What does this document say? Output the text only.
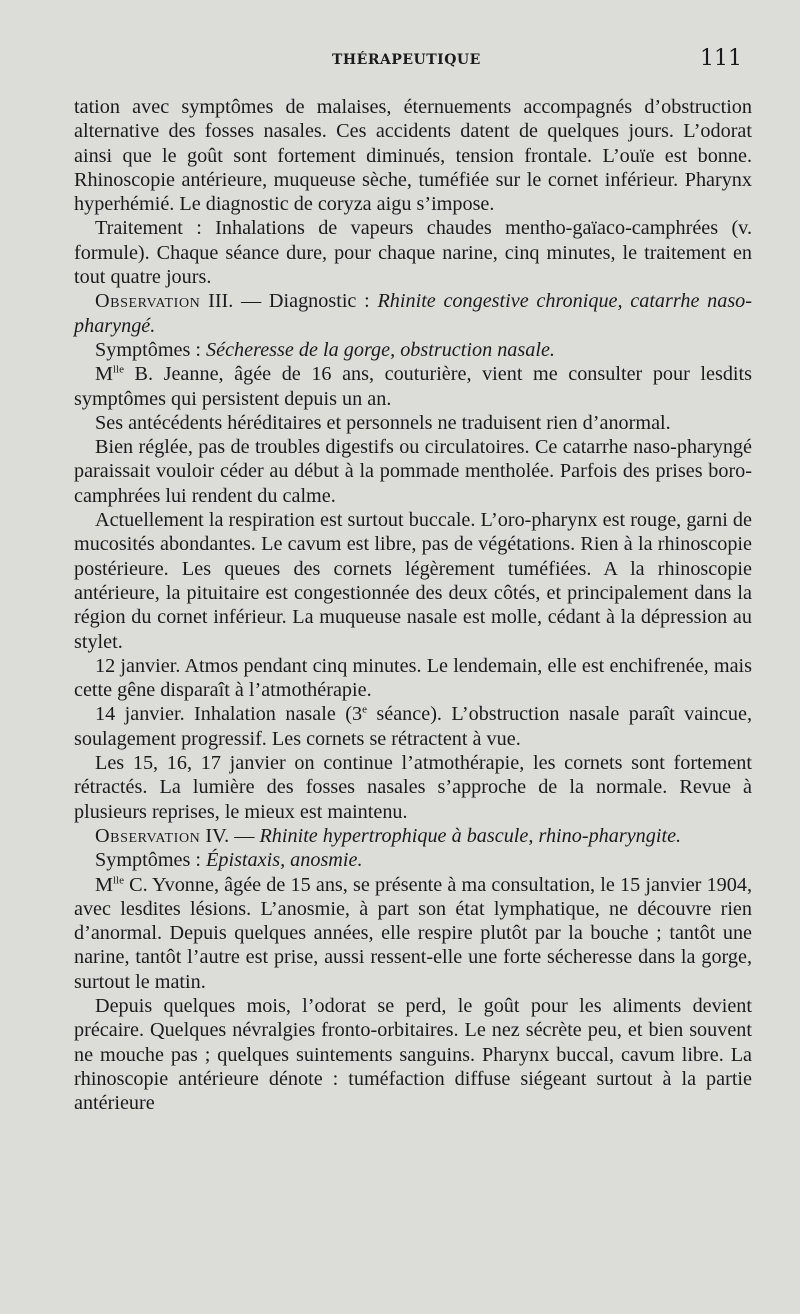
THÉRAPEUTIQUE	111

tation avec symptômes de malaises, éternuements accompagnés d’obstruction alternative des fosses nasales. Ces accidents datent de quelques jours. L’odorat ainsi que le goût sont fortement diminués, tension frontale. L’ouïe est bonne. Rhinoscopie antérieure, muqueuse sèche, tuméfiée sur le cornet inférieur. Pharynx hyperhémié. Le diagnostic de coryza aigu s’impose.

Traitement : Inhalations de vapeurs chaudes mentho-gaïaco-camphrées (v. formule). Chaque séance dure, pour chaque narine, cinq minutes, le traitement en tout quatre jours.

Observation III. — Diagnostic : Rhinite congestive chronique, catarrhe naso-pharyngé.

Symptômes : Sécheresse de la gorge, obstruction nasale.

$M^{lle}$ B. Jeanne, âgée de 16 ans, couturière, vient me consulter pour lesdits symptômes qui persistent depuis un an.

Ses antécédents héréditaires et personnels ne traduisent rien d’anormal.

Bien réglée, pas de troubles digestifs ou circulatoires. Ce catarrhe naso-pharyngé paraissait vouloir céder au début à la pommade mentholée. Parfois des prises boro-camphrées lui rendent du calme.

Actuellement la respiration est surtout buccale. L’oro-pharynx est rouge, garni de mucosités abondantes. Le cavum est libre, pas de végétations. Rien à la rhinoscopie postérieure. Les queues des cornets légèrement tuméfiées. A la rhinoscopie antérieure, la pituitaire est congestionnée des deux côtés, et principalement dans la région du cornet inférieur. La muqueuse nasale est molle, cédant à la dépression au stylet.

12 janvier. Atmos pendant cinq minutes. Le lendemain, elle est enchifrenée, mais cette gêne disparaît à l’atmothérapie.

14 janvier. Inhalation nasale (3e séance). L’obstruction nasale paraît vaincue, soulagement progressif. Les cornets se rétractent à vue.

Les 15, 16, 17 janvier on continue l’atmothérapie, les cornets sont fortement rétractés. La lumière des fosses nasales s’approche de la normale. Revue à plusieurs reprises, le mieux est maintenu.

Observation IV. — Rhinite hypertrophique à bascule, rhino-pharyngite.

Symptômes : Épistaxis, anosmie.

$M^{lle}$ C. Yvonne, âgée de 15 ans, se présente à ma consultation, le 15 janvier 1904, avec lesdites lésions. L’anosmie, à part son état lymphatique, ne découvre rien d’anormal. Depuis quelques années, elle respire plutôt par la bouche ; tantôt une narine, tantôt l’autre est prise, aussi ressent-elle une forte sécheresse dans la gorge, surtout le matin.

Depuis quelques mois, l’odorat se perd, le goût pour les aliments devient précaire. Quelques névralgies fronto-orbitaires. Le nez sécrète peu, et bien souvent ne mouche pas ; quelques suintements sanguins. Pharynx buccal, cavum libre. La rhinoscopie antérieure dénote : tuméfaction diffuse siégeant surtout à la partie antérieure
